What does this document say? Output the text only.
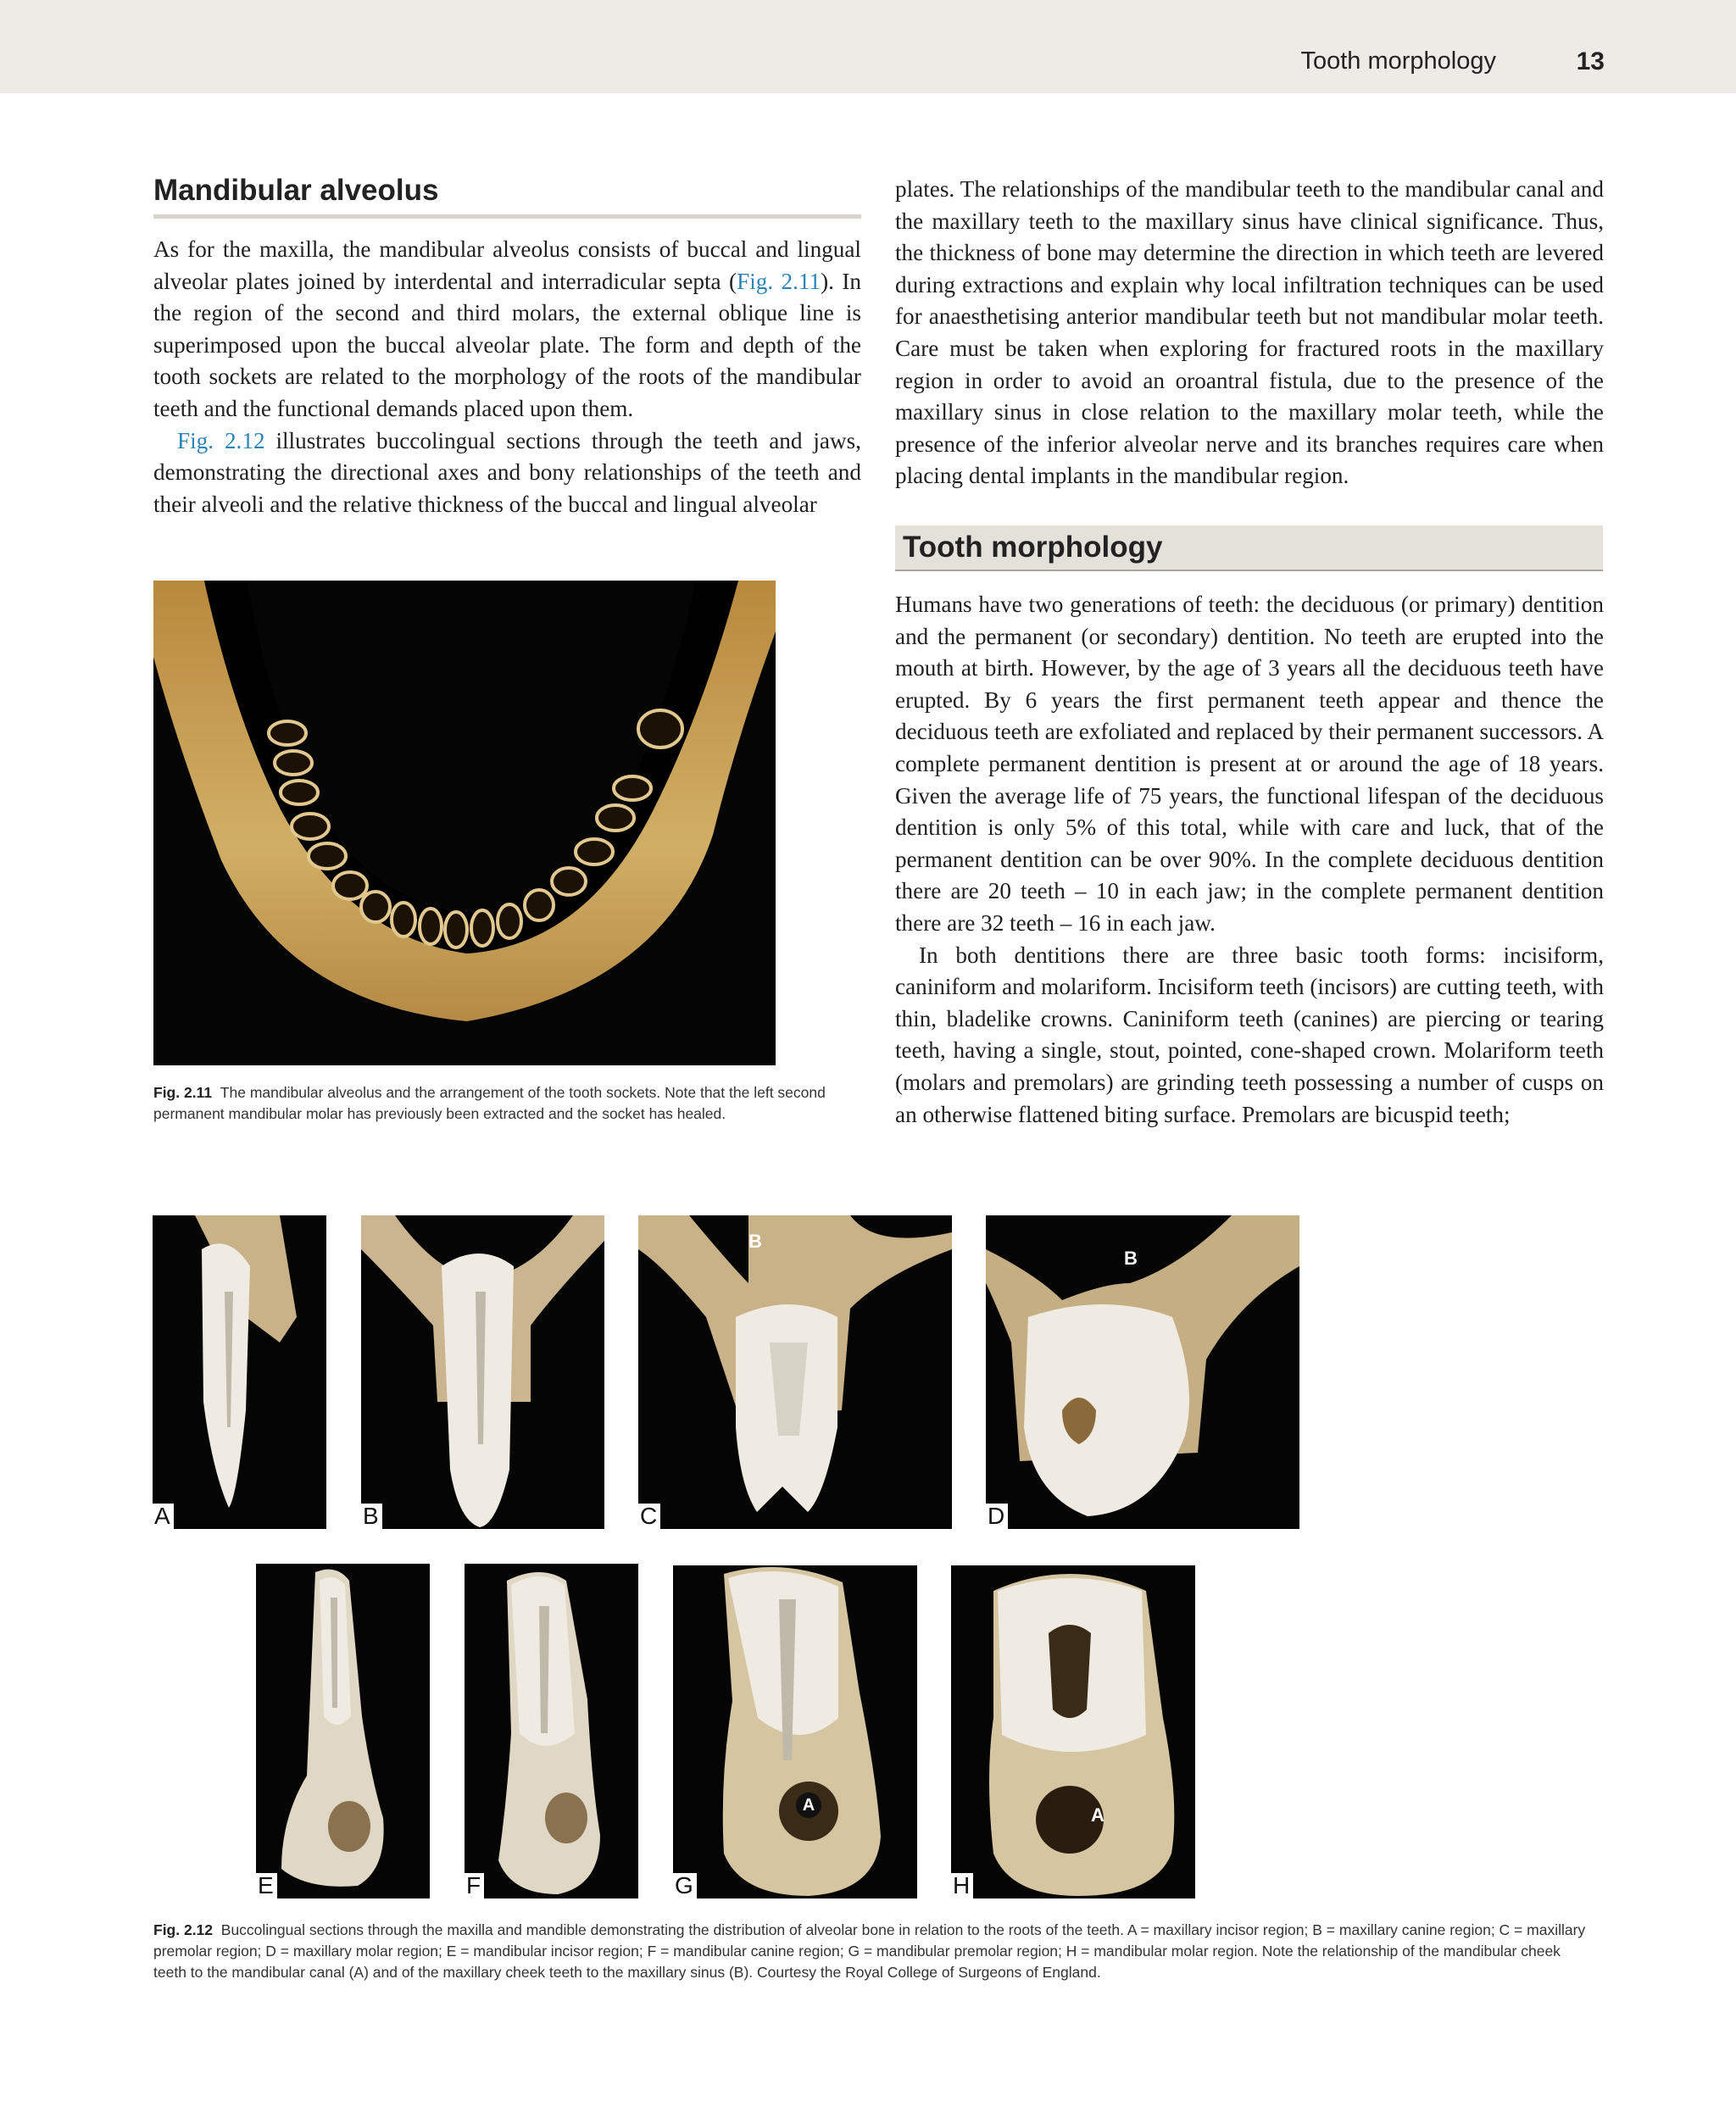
Tooth morphology	13
Mandibular alveolus

As for the maxilla, the mandibular alveolus consists of buccal and lingual alveolar plates joined by interdental and interradicular septa (Fig. 2.11). In the region of the second and third molars, the external oblique line is superimposed upon the buccal alveolar plate. The form and depth of the tooth sockets are related to the morphology of the roots of the mandibular teeth and the functional demands placed upon them.

Fig. 2.12 illustrates buccolingual sections through the teeth and jaws, demonstrating the directional axes and bony relationships of the teeth and their alveoli and the relative thickness of the buccal and lingual alveolar

plates. The relationships of the mandibular teeth to the mandibular canal and the maxillary teeth to the maxillary sinus have clinical significance. Thus, the thickness of bone may determine the direction in which teeth are levered during extractions and explain why local infiltration techniques can be used for anaesthetising anterior mandibular teeth but not mandibular molar teeth. Care must be taken when exploring for fractured roots in the maxillary region in order to avoid an oroantral fistula, due to the presence of the maxillary sinus in close relation to the maxillary molar teeth, while the presence of the inferior alveolar nerve and its branches requires care when placing dental implants in the mandibular region.

Tooth morphology

Humans have two generations of teeth: the deciduous (or primary) dentition and the permanent (or secondary) dentition. No teeth are erupted into the mouth at birth. However, by the age of 3 years all the deciduous teeth have erupted. By 6 years the first permanent teeth appear and thence the deciduous teeth are exfoliated and replaced by their permanent successors. A complete permanent dentition is present at or around the age of 18 years. Given the average life of 75 years, the functional lifespan of the deciduous dentition is only 5% of this total, while with care and luck, that of the permanent dentition can be over 90%. In the complete deciduous dentition there are 20 teeth – 10 in each jaw; in the complete permanent dentition there are 32 teeth – 16 in each jaw.

In both dentitions there are three basic tooth forms: incisiform, caniniform and molariform. Incisiform teeth (incisors) are cutting teeth, with thin, bladelike crowns. Caniniform teeth (canines) are piercing or tearing teeth, having a single, stout, pointed, cone-shaped crown. Molariform teeth (molars and premolars) are grinding teeth possessing a number of cusps on an otherwise flattened biting surface. Premolars are bicuspid teeth;

Fig. 2.11 The mandibular alveolus and the arrangement of the tooth sockets. Note that the left second permanent mandibular molar has previously been extracted and the socket has healed.

A	B
B
C
B
D
E	F
A
G
A
H

Fig. 2.12 Buccolingual sections through the maxilla and mandible demonstrating the distribution of alveolar bone in relation to the roots of the teeth. A = maxillary incisor region; B = maxillary canine region; C = maxillary premolar region; D = maxillary molar region; E = mandibular incisor region; F = mandibular canine region; G = mandibular premolar region; H = mandibular molar region. Note the relationship of the mandibular cheek teeth to the mandibular canal (A) and of the maxillary cheek teeth to the maxillary sinus (B). Courtesy the Royal College of Surgeons of England.
